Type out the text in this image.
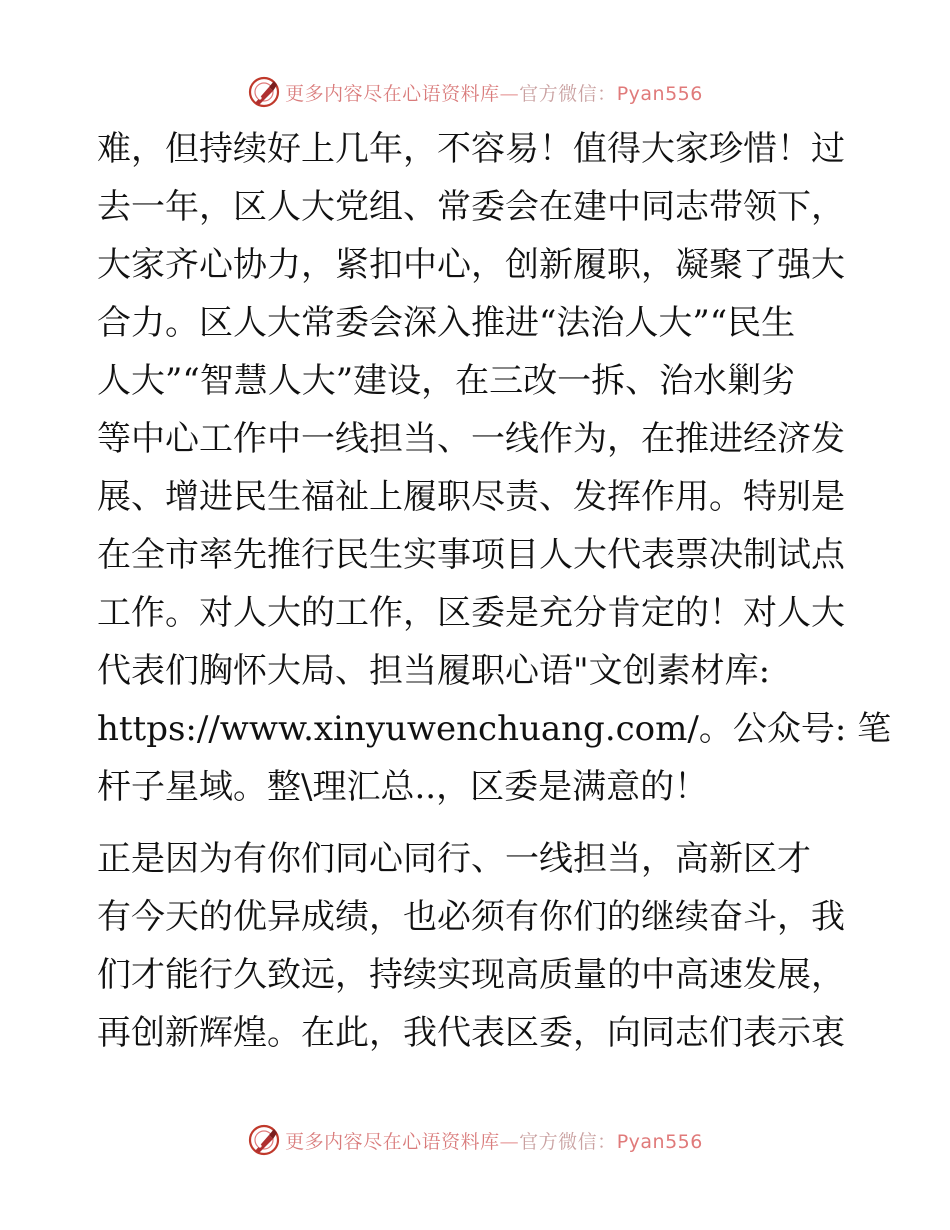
更多内容尽在心语资料库—官方微信：Pyan556
难，但持续好上几年，不容易！值得大家珍惜！过
去一年，区人大党组、常委会在建中同志带领下，
大家齐心协力，紧扣中心，创新履职，凝聚了强大
合力。区人大常委会深入推进“法治人大”“民生
人大”“智慧人大”建设，在三改一拆、治水剿劣
等中心工作中一线担当、一线作为，在推进经济发
展、增进民生福祉上履职尽责、发挥作用。特别是
在全市率先推行民生实事项目人大代表票决制试点
工作。对人大的工作，区委是充分肯定的！对人大
代表们胸怀大局、担当履职心语"文创素材库:
https://www.xinyuwenchuang.com/。公众号: 笔
杆子星域。整\理汇总..，区委是满意的！
正是因为有你们同心同行、一线担当，高新区才
有今天的优异成绩，也必须有你们的继续奋斗，我
们才能行久致远，持续实现高质量的中高速发展，
再创新辉煌。在此，我代表区委，向同志们表示衷
更多内容尽在心语资料库—官方微信：Pyan556
